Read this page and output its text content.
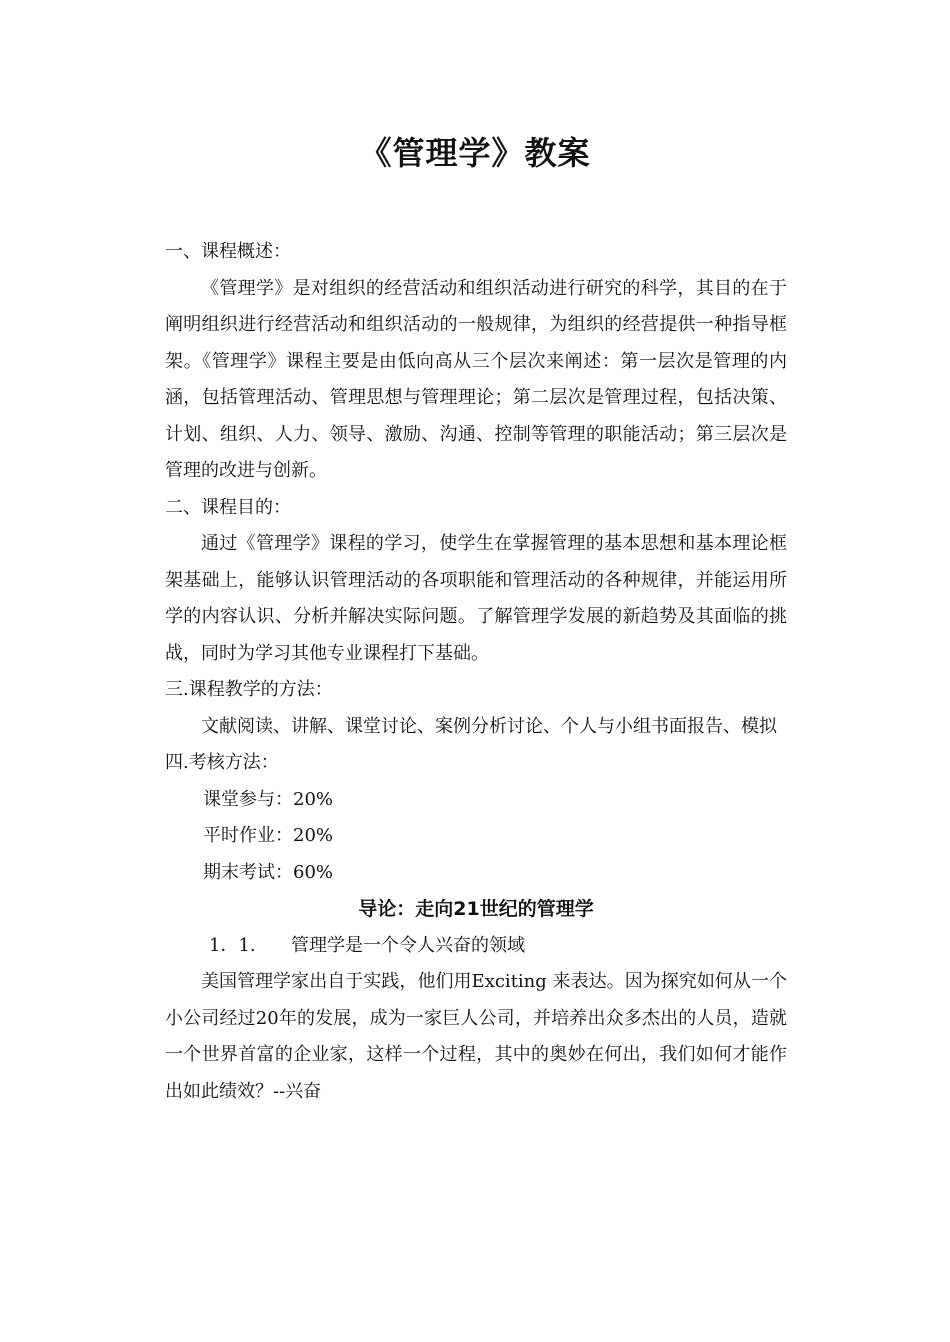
《管理学》教案

一、课程概述：

《管理学》是对组织的经营活动和组织活动进行研究的科学，其目的在于阐明组织进行经营活动和组织活动的一般规律，为组织的经营提供一种指导框架。《管理学》课程主要是由低向高从三个层次来阐述：第一层次是管理的内涵，包括管理活动、管理思想与管理理论；第二层次是管理过程，包括决策、计划、组织、人力、领导、激励、沟通、控制等管理的职能活动；第三层次是管理的改进与创新。

二、课程目的：

通过《管理学》课程的学习，使学生在掌握管理的基本思想和基本理论框架基础上，能够认识管理活动的各项职能和管理活动的各种规律，并能运用所学的内容认识、分析并解决实际问题。了解管理学发展的新趋势及其面临的挑战，同时为学习其他专业课程打下基础。

三.课程教学的方法：

文献阅读、讲解、课堂讨论、案例分析讨论、个人与小组书面报告、模拟

四.考核方法：

课堂参与：20%

平时作业：20%

期末考试：60%

导论：走向21世纪的管理学

1．1. 管理学是一个令人兴奋的领域

美国管理学家出自于实践，他们用Exciting 来表达。因为探究如何从一个小公司经过20年的发展，成为一家巨人公司，并培养出众多杰出的人员，造就一个世界首富的企业家，这样一个过程，其中的奥妙在何出，我们如何才能作出如此绩效？--兴奋
